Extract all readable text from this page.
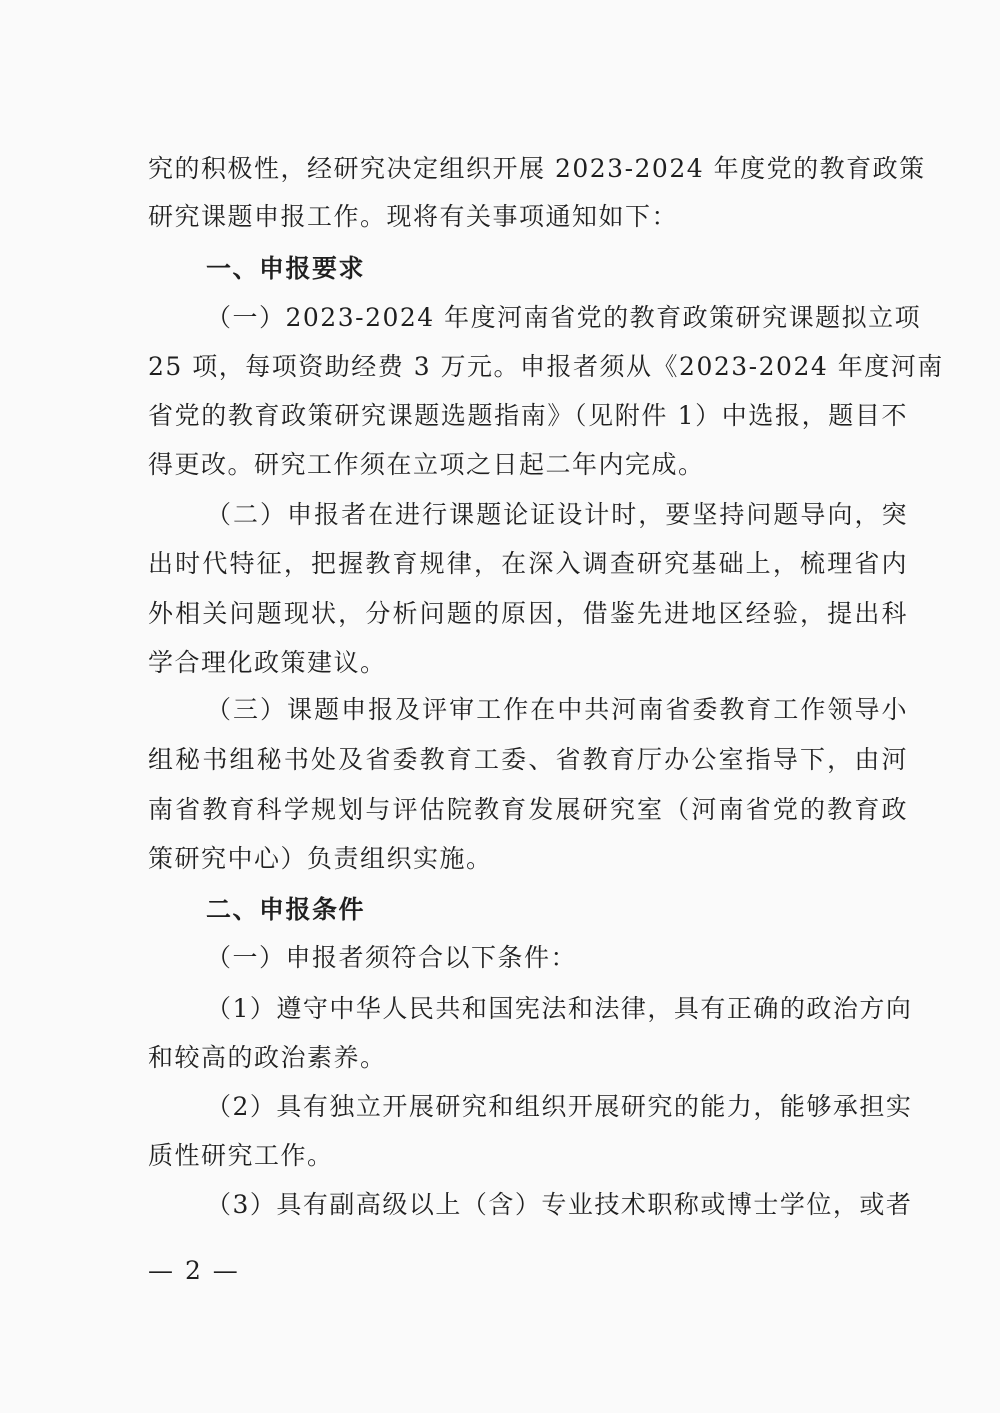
究的积极性，经研究决定组织开展 2023-2024 年度党的教育政策
研究课题申报工作。现将有关事项通知如下：
一、申报要求
（一）2023-2024 年度河南省党的教育政策研究课题拟立项
25 项，每项资助经费 3 万元。申报者须从《2023-2024 年度河南
省党的教育政策研究课题选题指南》（见附件 1）中选报，题目不
得更改。研究工作须在立项之日起二年内完成。
（二）申报者在进行课题论证设计时，要坚持问题导向，突
出时代特征，把握教育规律，在深入调查研究基础上，梳理省内
外相关问题现状，分析问题的原因，借鉴先进地区经验，提出科
学合理化政策建议。
（三）课题申报及评审工作在中共河南省委教育工作领导小
组秘书组秘书处及省委教育工委、省教育厅办公室指导下，由河
南省教育科学规划与评估院教育发展研究室（河南省党的教育政
策研究中心）负责组织实施。
二、申报条件
（一）申报者须符合以下条件：
（1）遵守中华人民共和国宪法和法律，具有正确的政治方向
和较高的政治素养。
（2）具有独立开展研究和组织开展研究的能力，能够承担实
质性研究工作。
（3）具有副高级以上（含）专业技术职称或博士学位，或者
— 2 —
